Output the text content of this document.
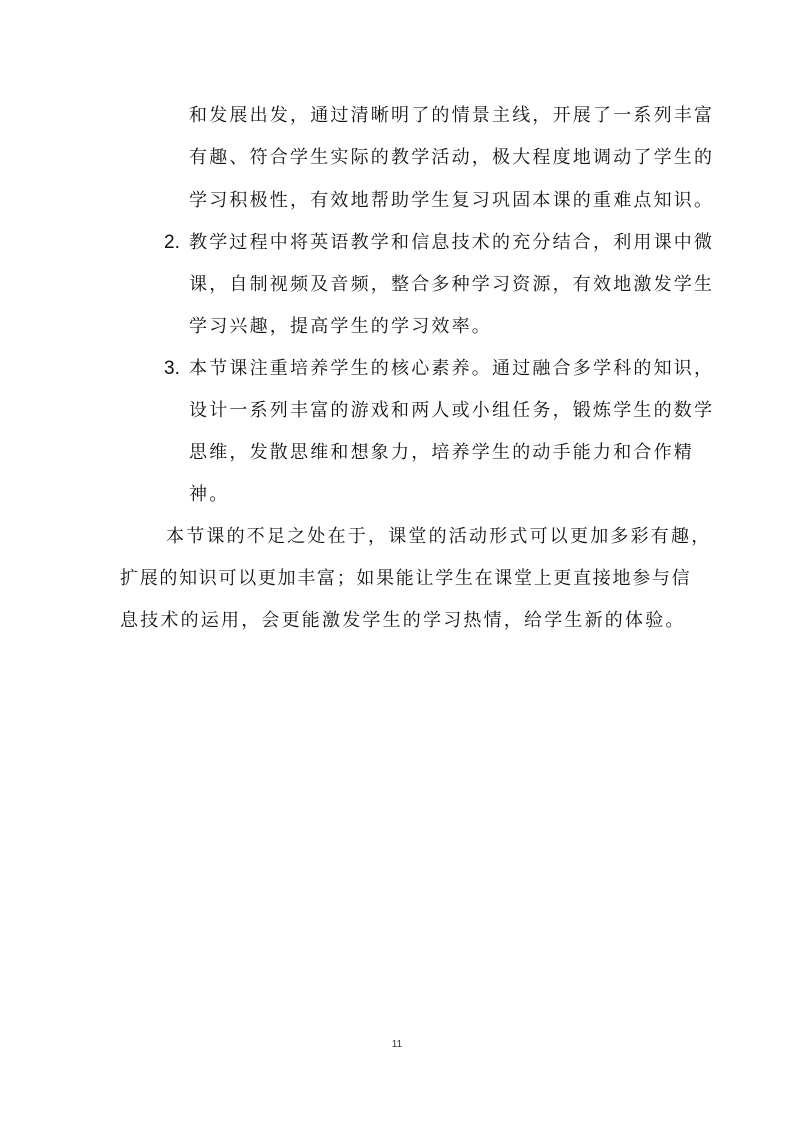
和发展出发，通过清晰明了的情景主线，开展了一系列丰富
有趣、符合学生实际的教学活动，极大程度地调动了学生的
学习积极性，有效地帮助学生复习巩固本课的重难点知识。
2. 教学过程中将英语教学和信息技术的充分结合，利用课中微
课，自制视频及音频，整合多种学习资源，有效地激发学生
学习兴趣，提高学生的学习效率。
3. 本节课注重培养学生的核心素养。通过融合多学科的知识，
设计一系列丰富的游戏和两人或小组任务，锻炼学生的数学
思维，发散思维和想象力，培养学生的动手能力和合作精
神。
本节课的不足之处在于，课堂的活动形式可以更加多彩有趣，
扩展的知识可以更加丰富；如果能让学生在课堂上更直接地参与信
息技术的运用，会更能激发学生的学习热情，给学生新的体验。
11
